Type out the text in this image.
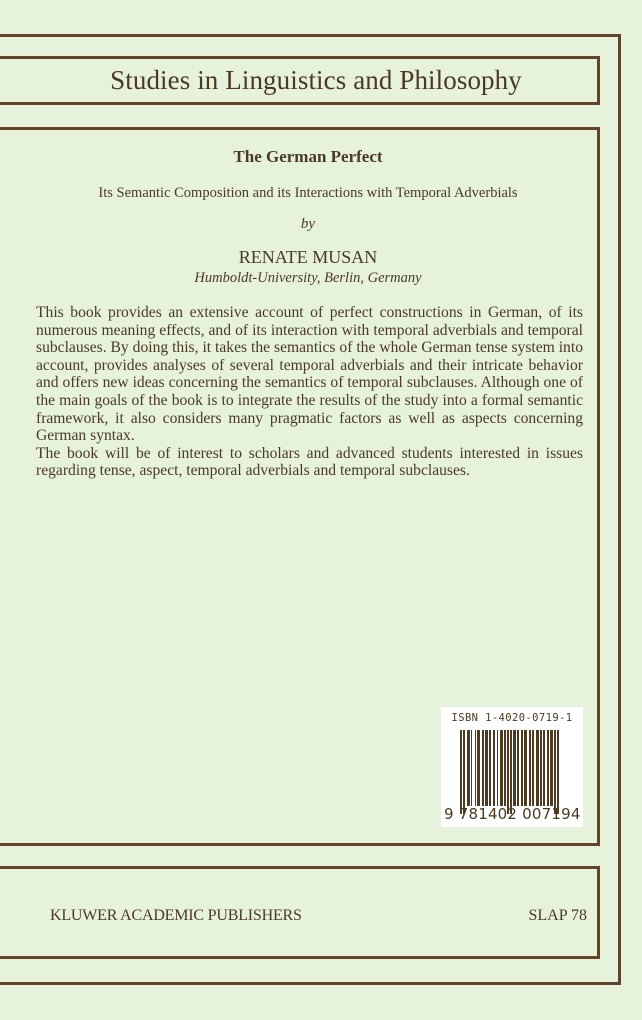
Studies in Linguistics and Philosophy

The German Perfect

Its Semantic Composition and its Interactions with Temporal Adverbials

by

RENATE MUSAN

Humboldt-University, Berlin, Germany

This book provides an extensive account of perfect constructions in German, of its numerous meaning effects, and of its interaction with temporal adverbials and temporal subclauses. By doing this, it takes the semantics of the whole German tense system into account, provides analyses of several temporal adverbials and their intricate behavior and offers new ideas concerning the semantics of temporal subclauses. Although one of the main goals of the book is to integrate the results of the study into a formal semantic framework, it also considers many pragmatic factors as well as aspects concerning German syntax.

The book will be of interest to scholars and advanced students interested in issues regarding tense, aspect, temporal adverbials and temporal subclauses.

ISBN 1-4020-0719-1
9 781402 007194
KLUWER ACADEMIC PUBLISHERS	SLAP 78
